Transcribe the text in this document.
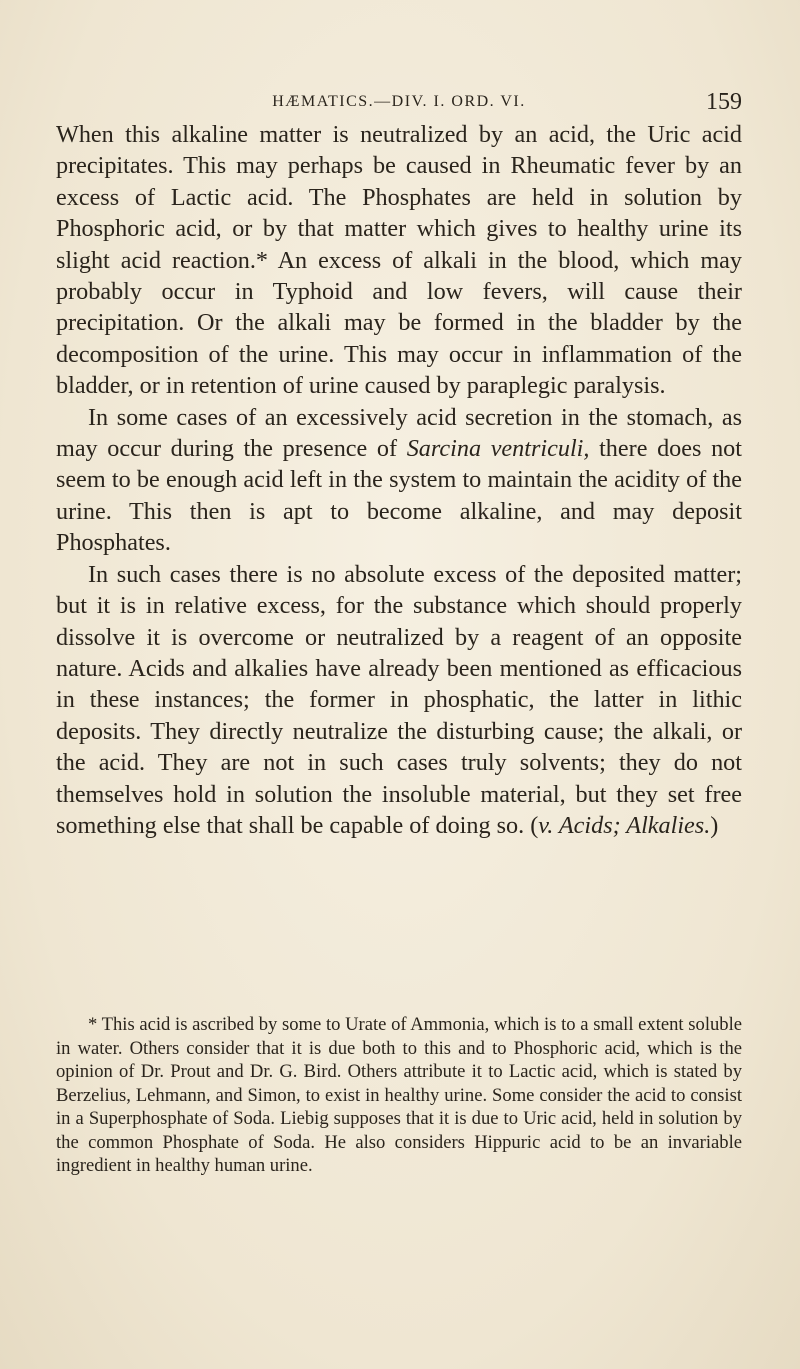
HÆMATICS.—DIV. I. ORD. VI.	159

When this alkaline matter is neutralized by an acid, the Uric acid precipitates. This may perhaps be caused in Rheumatic fever by an excess of Lactic acid. The Phosphates are held in solution by Phosphoric acid, or by that matter which gives to healthy urine its slight acid reaction.* An excess of alkali in the blood, which may probably occur in Typhoid and low fevers, will cause their precipitation. Or the alkali may be formed in the bladder by the decomposition of the urine. This may occur in inflammation of the bladder, or in retention of urine caused by paraplegic paralysis.

In some cases of an excessively acid secretion in the stomach, as may occur during the presence of Sarcina ventriculi, there does not seem to be enough acid left in the system to maintain the acidity of the urine. This then is apt to become alkaline, and may deposit Phosphates.

In such cases there is no absolute excess of the deposited matter; but it is in relative excess, for the substance which should properly dissolve it is overcome or neutralized by a reagent of an opposite nature. Acids and alkalies have already been mentioned as efficacious in these instances; the former in phosphatic, the latter in lithic deposits. They directly neutralize the disturbing cause; the alkali, or the acid. They are not in such cases truly solvents; they do not themselves hold in solution the insoluble material, but they set free something else that shall be capable of doing so. (v. Acids; Alkalies.)

* This acid is ascribed by some to Urate of Ammonia, which is to a small extent soluble in water. Others consider that it is due both to this and to Phosphoric acid, which is the opinion of Dr. Prout and Dr. G. Bird. Others attribute it to Lactic acid, which is stated by Berzelius, Lehmann, and Simon, to exist in healthy urine. Some consider the acid to consist in a Superphosphate of Soda. Liebig supposes that it is due to Uric acid, held in solution by the common Phosphate of Soda. He also considers Hippuric acid to be an invariable ingredient in healthy human urine.
